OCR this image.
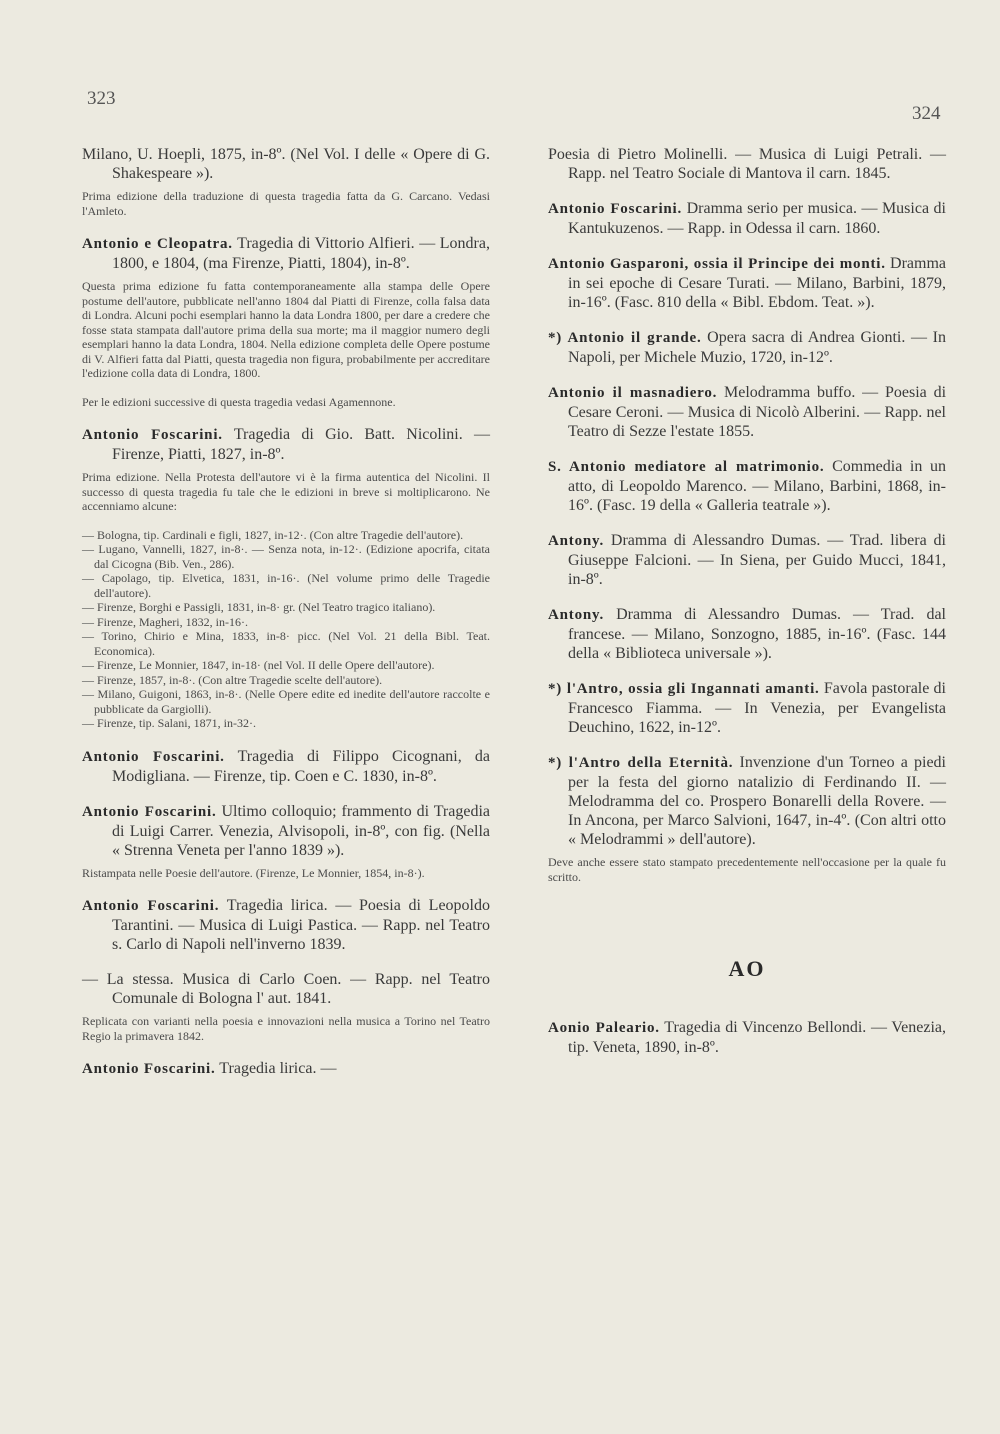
323
324
Milano, U. Hoepli, 1875, in-8º. (Nel Vol. I delle « Opere di G. Shakespeare »).
Prima edizione della traduzione di questa tragedia fatta da G. Carcano. Vedasi l'Amleto.
Antonio e Cleopatra. Tragedia di Vittorio Alfieri. — Londra, 1800, e 1804, (ma Firenze, Piatti, 1804), in-8º.
Questa prima edizione fu fatta contemporaneamente alla stampa delle Opere postume dell'autore, pubblicate nell'anno 1804 dal Piatti di Firenze, colla falsa data di Londra. Alcuni pochi esemplari hanno la data Londra 1800, per dare a credere che fosse stata stampata dall'autore prima della sua morte; ma il maggior numero degli esemplari hanno la data Londra, 1804. Nella edizione completa delle Opere postume di V. Alfieri fatta dal Piatti, questa tragedia non figura, probabilmente per accreditare l'edizione colla data di Londra, 1800.
Per le edizioni successive di questa tragedia vedasi Agamennone.
Antonio Foscarini. Tragedia di Gio. Batt. Nicolini. — Firenze, Piatti, 1827, in-8º.
Prima edizione. Nella Protesta dell'autore vi è la firma autentica del Nicolini. Il successo di questa tragedia fu tale che le edizioni in breve si moltiplicarono. Ne accenniamo alcune:
— Bologna, tip. Cardinali e figli, 1827, in-12·. (Con altre Tragedie dell'autore).
— Lugano, Vannelli, 1827, in-8·. — Senza nota, in-12·. (Edizione apocrifa, citata dal Cicogna (Bib. Ven., 286).
— Capolago, tip. Elvetica, 1831, in-16·. (Nel volume primo delle Tragedie dell'autore).
— Firenze, Borghi e Passigli, 1831, in-8· gr. (Nel Teatro tragico italiano).
— Firenze, Magheri, 1832, in-16·.
— Torino, Chirio e Mina, 1833, in-8· picc. (Nel Vol. 21 della Bibl. Teat. Economica).
— Firenze, Le Monnier, 1847, in-18· (nel Vol. II delle Opere dell'autore).
— Firenze, 1857, in-8·. (Con altre Tragedie scelte dell'autore).
— Milano, Guigoni, 1863, in-8·. (Nelle Opere edite ed inedite dell'autore raccolte e pubblicate da Gargiolli).
— Firenze, tip. Salani, 1871, in-32·.
Antonio Foscarini. Tragedia di Filippo Cicognani, da Modigliana. — Firenze, tip. Coen e C. 1830, in-8º.
Antonio Foscarini. Ultimo colloquio; frammento di Tragedia di Luigi Carrer. Venezia, Alvisopoli, in-8º, con fig. (Nella « Strenna Veneta per l'anno 1839 »).
Ristampata nelle Poesie dell'autore. (Firenze, Le Monnier, 1854, in-8·).
Antonio Foscarini. Tragedia lirica. — Poesia di Leopoldo Tarantini. — Musica di Luigi Pastica. — Rapp. nel Teatro s. Carlo di Napoli nell'inverno 1839.
— La stessa. Musica di Carlo Coen. — Rapp. nel Teatro Comunale di Bologna l' aut. 1841.
Replicata con varianti nella poesia e innovazioni nella musica a Torino nel Teatro Regio la primavera 1842.
Antonio Foscarini. Tragedia lirica. —
Poesia di Pietro Molinelli. — Musica di Luigi Petrali. — Rapp. nel Teatro Sociale di Mantova il carn. 1845.
Antonio Foscarini. Dramma serio per musica. — Musica di Kantukuzenos. — Rapp. in Odessa il carn. 1860.
Antonio Gasparoni, ossia il Principe dei monti. Dramma in sei epoche di Cesare Turati. — Milano, Barbini, 1879, in-16º. (Fasc. 810 della « Bibl. Ebdom. Teat. »).
*) Antonio il grande. Opera sacra di Andrea Gionti. — In Napoli, per Michele Muzio, 1720, in-12º.
Antonio il masnadiero. Melodramma buffo. — Poesia di Cesare Ceroni. — Musica di Nicolò Alberini. — Rapp. nel Teatro di Sezze l'estate 1855.
S. Antonio mediatore al matrimonio. Commedia in un atto, di Leopoldo Marenco. — Milano, Barbini, 1868, in-16º. (Fasc. 19 della « Galleria teatrale »).
Antony. Dramma di Alessandro Dumas. — Trad. libera di Giuseppe Falcioni. — In Siena, per Guido Mucci, 1841, in-8º.
Antony. Dramma di Alessandro Dumas. — Trad. dal francese. — Milano, Sonzogno, 1885, in-16º. (Fasc. 144 della « Biblioteca universale »).
*) l'Antro, ossia gli Ingannati amanti. Favola pastorale di Francesco Fiamma. — In Venezia, per Evangelista Deuchino, 1622, in-12º.
*) l'Antro della Eternità. Invenzione d'un Torneo a piedi per la festa del giorno natalizio di Ferdinando II. — Melodramma del co. Prospero Bonarelli della Rovere. — In Ancona, per Marco Salvioni, 1647, in-4º. (Con altri otto « Melodrammi » dell'autore).
Deve anche essere stato stampato precedentemente nell'occasione per la quale fu scritto.
AO
Aonio Paleario. Tragedia di Vincenzo Bellondi. — Venezia, tip. Veneta, 1890, in-8º.
